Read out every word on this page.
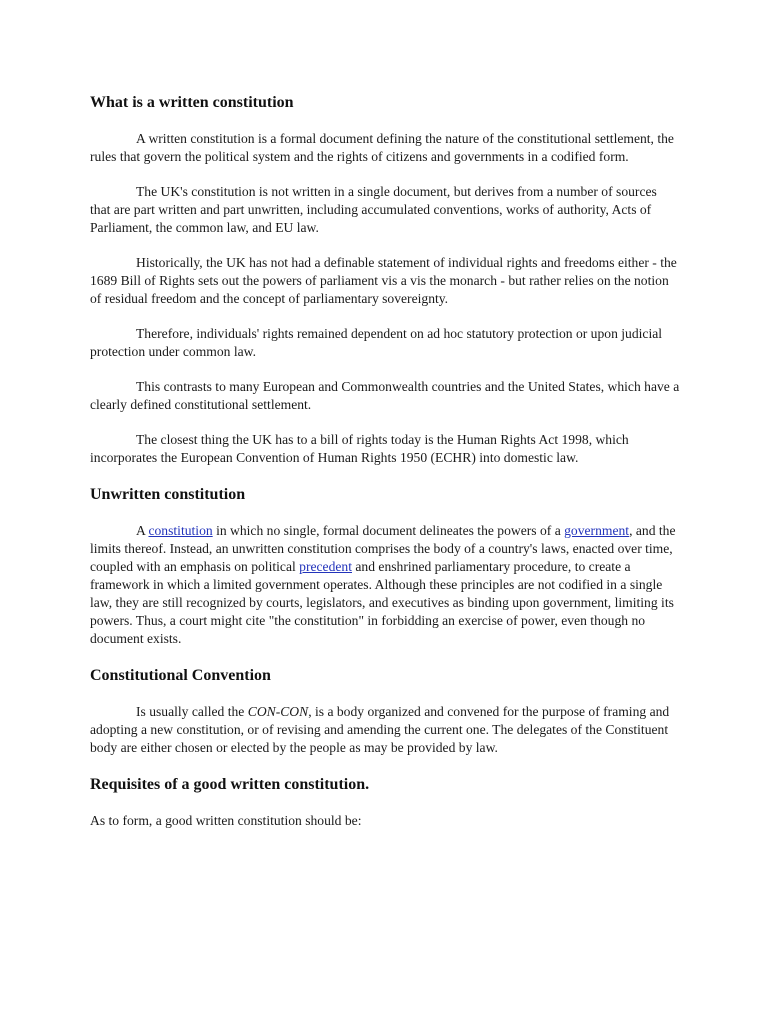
What is a written constitution

A written constitution is a formal document defining the nature of the constitutional settlement, the rules that govern the political system and the rights of citizens and governments in a codified form.

The UK's constitution is not written in a single document, but derives from a number of sources that are part written and part unwritten, including accumulated conventions, works of authority, Acts of Parliament, the common law, and EU law.

Historically, the UK has not had a definable statement of individual rights and freedoms either - the 1689 Bill of Rights sets out the powers of parliament vis a vis the monarch - but rather relies on the notion of residual freedom and the concept of parliamentary sovereignty.

Therefore, individuals' rights remained dependent on ad hoc statutory protection or upon judicial protection under common law.

This contrasts to many European and Commonwealth countries and the United States, which have a clearly defined constitutional settlement.

The closest thing the UK has to a bill of rights today is the Human Rights Act 1998, which incorporates the European Convention of Human Rights 1950 (ECHR) into domestic law.

Unwritten constitution

A constitution in which no single, formal document delineates the powers of a government, and the limits thereof. Instead, an unwritten constitution comprises the body of a country's laws, enacted over time, coupled with an emphasis on political precedent and enshrined parliamentary procedure, to create a framework in which a limited government operates. Although these principles are not codified in a single law, they are still recognized by courts, legislators, and executives as binding upon government, limiting its powers. Thus, a court might cite "the constitution" in forbidding an exercise of power, even though no document exists.

Constitutional Convention

Is usually called the CON-CON, is a body organized and convened for the purpose of framing and adopting a new constitution, or of revising and amending the current one. The delegates of the Constituent body are either chosen or elected by the people as may be provided by law.

Requisites of a good written constitution.

As to form, a good written constitution should be:
